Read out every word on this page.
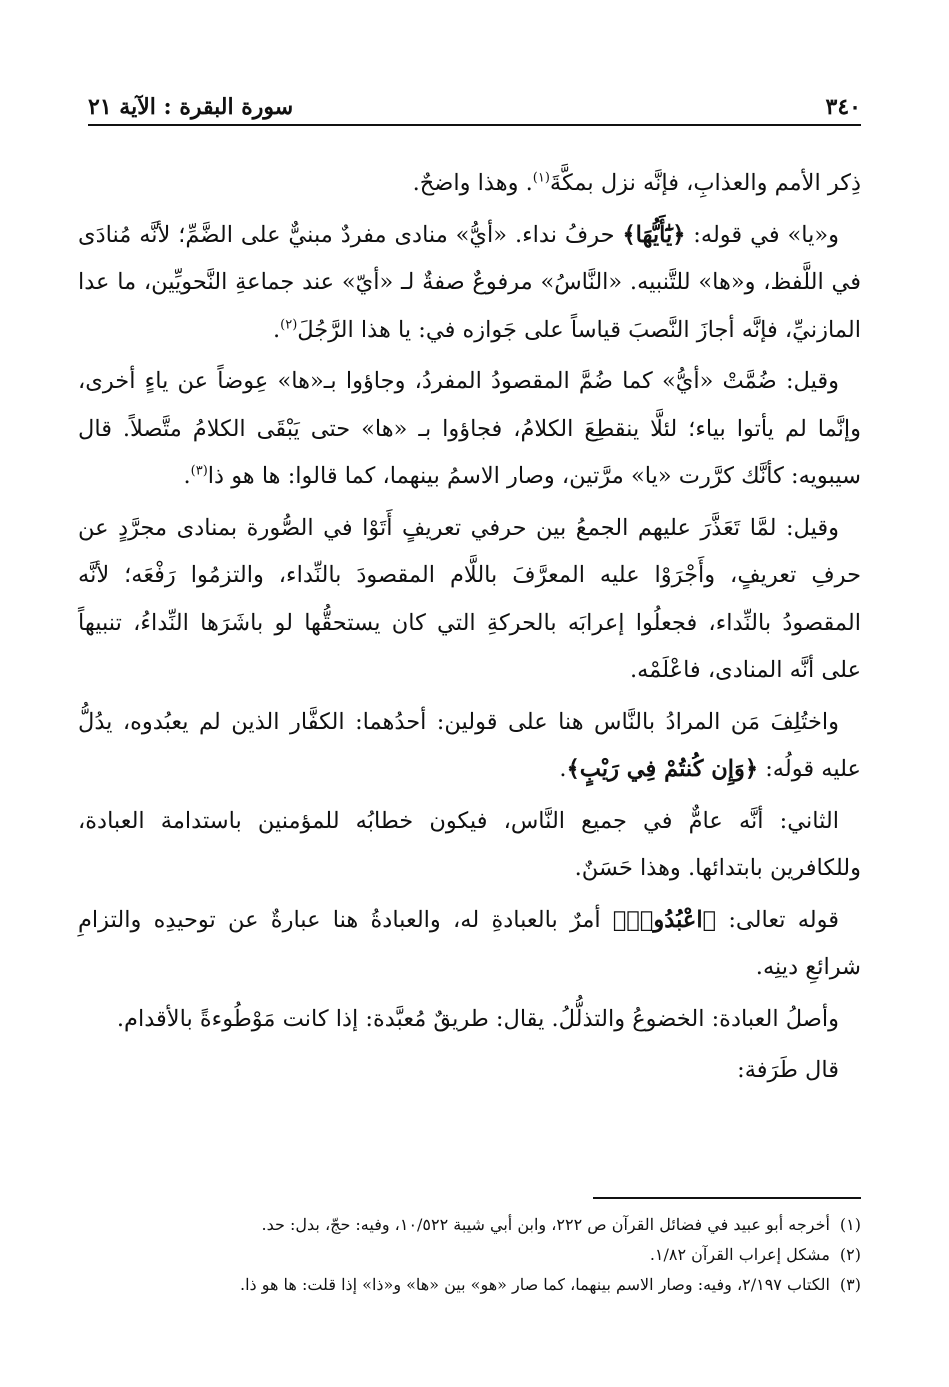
٣٤٠
سورة البقرة : الآية ٢١

ذِكر الأمم والعذابِ، فإنَّه نزل بمكَّةَ$^{(١)}$. وهذا واضحٌ.

و«يا» في قوله: ﴿يَٰٓأَيُّهَا﴾ حرفُ نداء. «أيُّ» منادى مفردٌ مبنيٌّ على الضَّمِّ؛ لأنَّه مُنادَى في اللَّفظ، و«ها» للتَّنبيه. «النَّاسُ» مرفوعٌ صفةٌ لـ «أيّ» عند جماعةِ النَّحويِّين، ما عدا المازنيِّ، فإنَّه أجازَ النَّصبَ قياساً على جَوازه في: يا هذا الرَّجُلَ$^{(٢)}$.

وقيل: ضُمَّتْ «أيُّ» كما ضُمَّ المقصودُ المفردُ، وجاؤوا بـ«ها» عِوضاً عن ياءٍ أخرى، وإنَّما لم يأتوا بياء؛ لئلَّا ينقطِعَ الكلامُ، فجاؤوا بـ «ها» حتى يَبْقَى الكلامُ متَّصلاً. قال سيبويه: كأنَّك كرَّرت «يا» مرَّتين، وصار الاسمُ بينهما، كما قالوا: ها هو ذا$^{(٣)}$.

وقيل: لمَّا تَعَذَّرَ عليهم الجمعُ بين حرفي تعريفٍ أَتَوْا في الصُّورة بمنادى مجرَّدٍ عن حرفِ تعريفٍ، وأَجْرَوْا عليه المعرَّفَ باللَّام المقصودَ بالنِّداء، والتزمُوا رَفْعَه؛ لأنَّه المقصودُ بالنِّداء، فجعلُوا إعرابَه بالحركةِ التي كان يستحقُّها لو باشَرَها النِّداءُ، تنبيهاً على أنَّه المنادى، فاعْلَمْه.

واختُلِفَ مَن المرادُ بالنَّاس هنا على قولين: أحدُهما: الكفَّار الذين لم يعبُدوه، يدُلُّ عليه قولُه: ﴿وَإِن كُنتُمْ فِي رَيْبٍ﴾.

الثاني: أنَّه عامٌّ في جميع النَّاس، فيكون خطابُه للمؤمنين باستدامة العبادة، وللكافرين بابتدائها. وهذا حَسَنٌ.

قوله تعالى: ﴿اعْبُدُوا۟﴾ أمرٌ بالعبادةِ له، والعبادةُ هنا عبارةٌ عن توحيدِه والتزامِ شرائعِ دينِه.

وأصلُ العبادة: الخضوعُ والتذلُّلُ. يقال: طريقٌ مُعبَّدة: إذا كانت مَوْطُوءةً بالأقدام.

قال طَرَفة:

(١)
أخرجه أبو عبيد في فضائل القرآن ص ٢٢٢، وابن أبي شيبة ١٠/٥٢٢، وفيه: حجّ، بدل: حد.
(٢)
مشكل إعراب القرآن ١/٨٢.
(٣)
الكتاب ٢/١٩٧، وفيه: وصار الاسم بينهما، كما صار «هو» بين «ها» و«ذا» إذا قلت: ها هو ذا.
